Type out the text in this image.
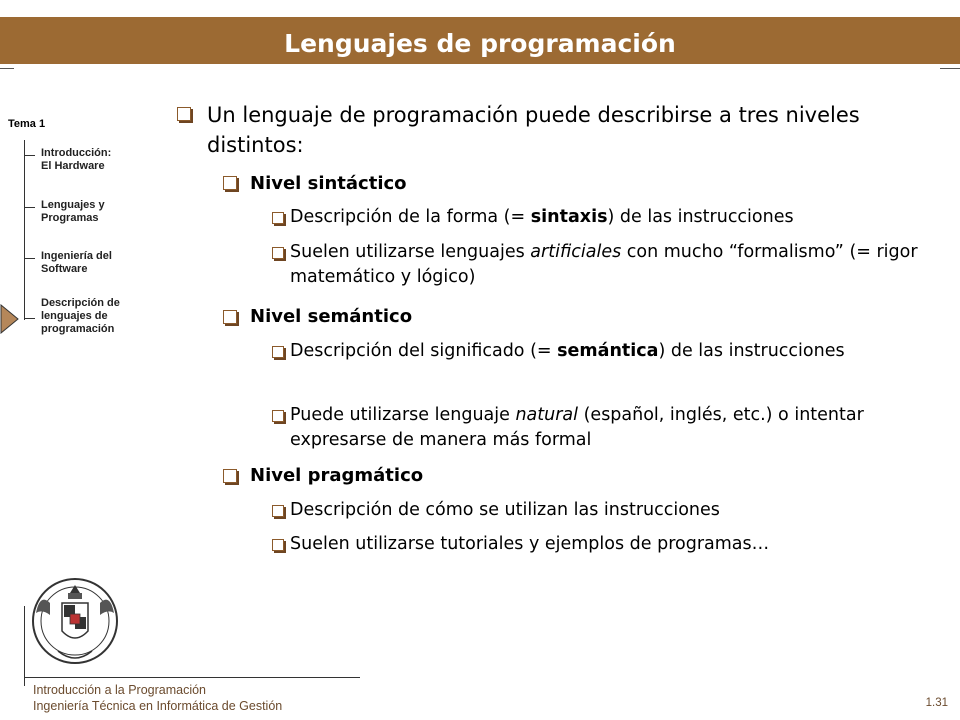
Lenguajes de programación
Tema 1
Introducción:
El Hardware
Lenguajes y
Programas
Ingeniería del
Software
Descripción de
lenguajes de
programación
Un lenguaje de programación puede describirse a tres niveles distintos:
Nivel sintáctico
Descripción de la forma (= sintaxis) de las instrucciones
Suelen utilizarse lenguajes artificiales con mucho “formalismo” (= rigor matemático y lógico)
Nivel semántico
Descripción del significado (= semántica) de las instrucciones
Puede utilizarse lenguaje natural (español, inglés, etc.) o intentar expresarse de manera más formal
Nivel pragmático
Descripción de cómo se utilizan las instrucciones
Suelen utilizarse tutoriales y ejemplos de programas…
Introducción a la Programación
Ingeniería Técnica en Informática de Gestión	1.31
